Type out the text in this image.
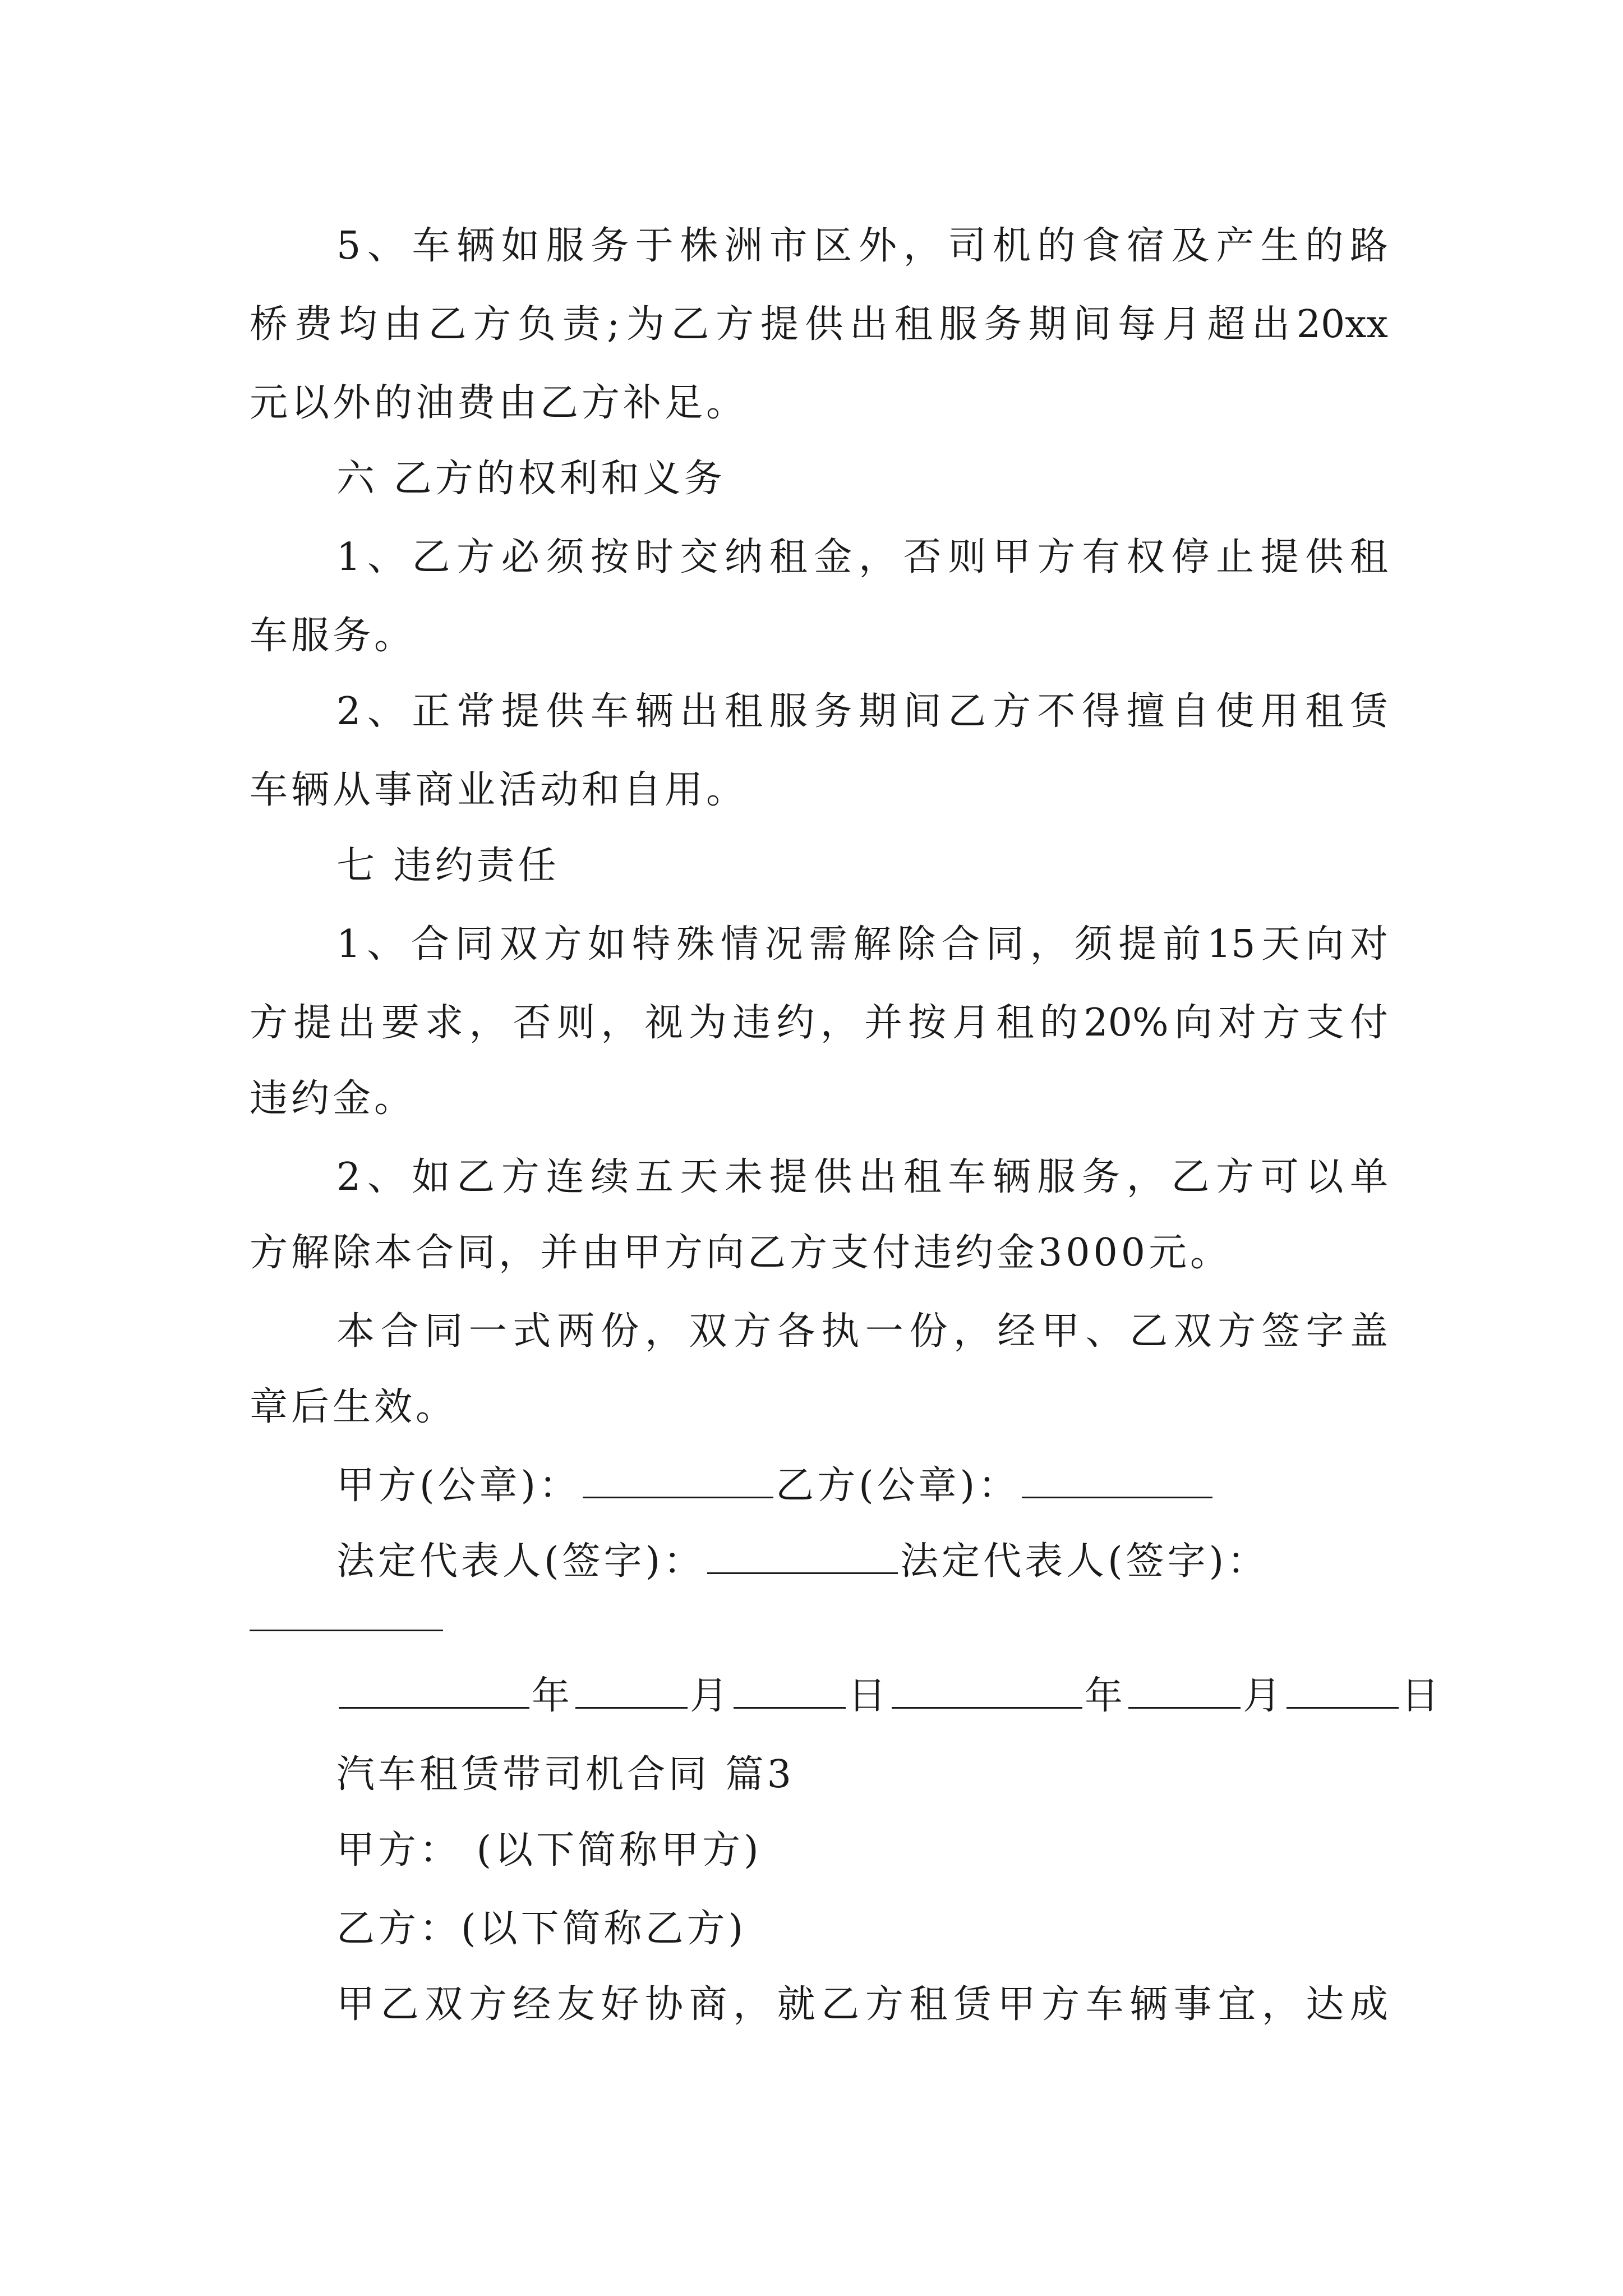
5、车辆如服务于株洲市区外，司机的食宿及产生的路
桥费均由乙方负责;为乙方提供出租服务期间每月超出20xx
元以外的油费由乙方补足。
六 乙方的权利和义务
1、乙方必须按时交纳租金，否则甲方有权停止提供租
车服务。
2、正常提供车辆出租服务期间乙方不得擅自使用租赁
车辆从事商业活动和自用。
七 违约责任
1、合同双方如特殊情况需解除合同，须提前15天向对
方提出要求，否则，视为违约，并按月租的20%向对方支付
违约金。
2、如乙方连续五天未提供出租车辆服务，乙方可以单
方解除本合同，并由甲方向乙方支付违约金3000元。
本合同一式两份，双方各执一份，经甲、乙双方签字盖
章后生效。
甲方(公章)：	乙方(公章)：
法定代表人(签字)：	法定代表人(签字)：
年	月	日	年	月	日
汽车租赁带司机合同 篇3
甲方： (以下简称甲方)
乙方：(以下简称乙方)
甲乙双方经友好协商，就乙方租赁甲方车辆事宜，达成
